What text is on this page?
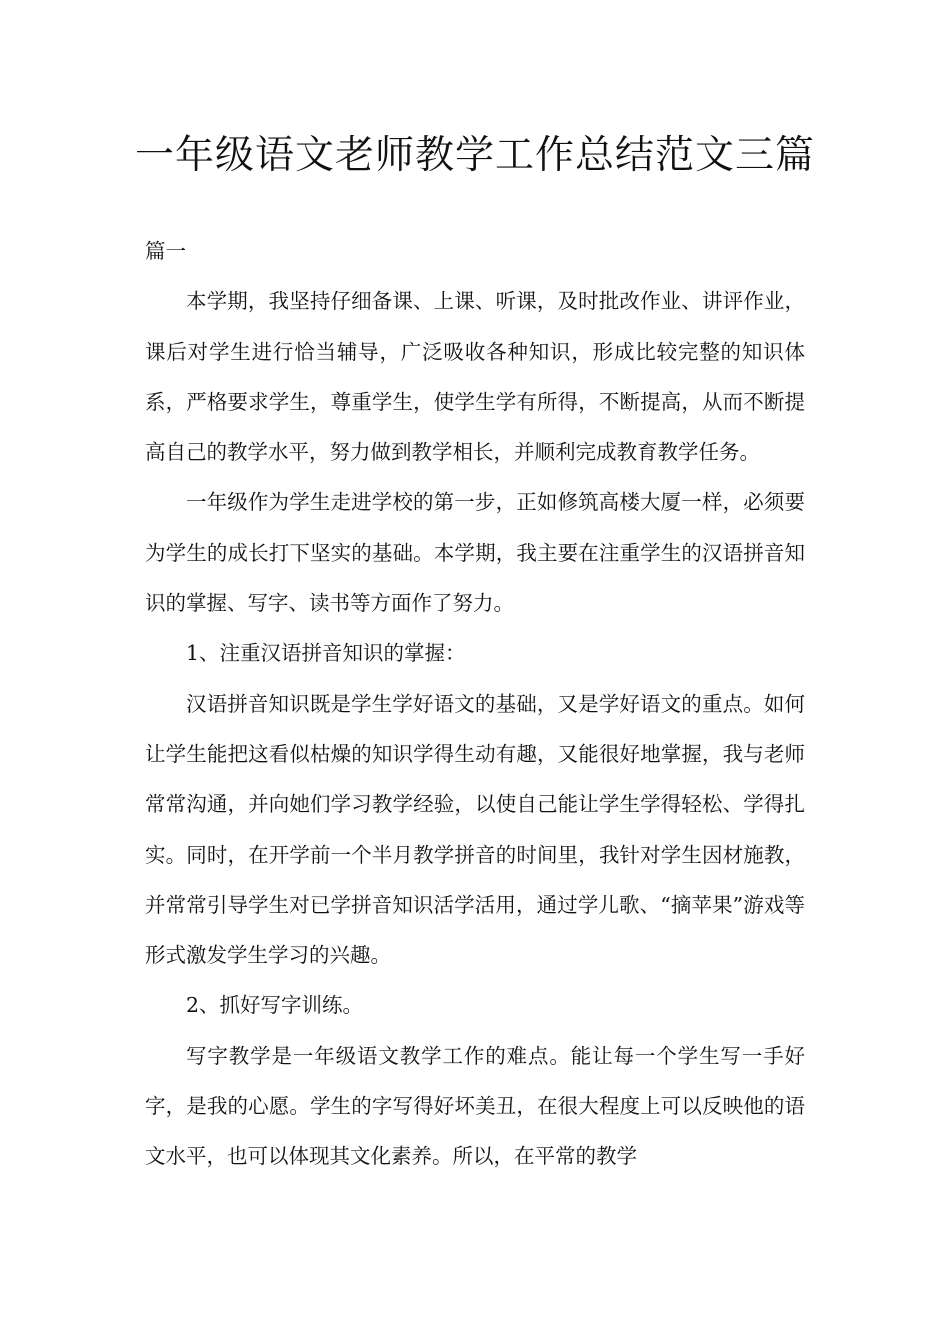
一年级语文老师教学工作总结范文三篇

篇一

本学期，我坚持仔细备课、上课、听课，及时批改作业、讲评作业，课后对学生进行恰当辅导，广泛吸收各种知识，形成比较完整的知识体系，严格要求学生，尊重学生，使学生学有所得，不断提高，从而不断提高自己的教学水平，努力做到教学相长，并顺利完成教育教学任务。

一年级作为学生走进学校的第一步，正如修筑高楼大厦一样，必须要为学生的成长打下坚实的基础。本学期，我主要在注重学生的汉语拼音知识的掌握、写字、读书等方面作了努力。

1、注重汉语拼音知识的掌握：

汉语拼音知识既是学生学好语文的基础，又是学好语文的重点。如何让学生能把这看似枯燥的知识学得生动有趣，又能很好地掌握，我与老师常常沟通，并向她们学习教学经验，以使自己能让学生学得轻松、学得扎实。同时，在开学前一个半月教学拼音的时间里，我针对学生因材施教，并常常引导学生对已学拼音知识活学活用，通过学儿歌、“摘苹果”游戏等形式激发学生学习的兴趣。

2、抓好写字训练。

写字教学是一年级语文教学工作的难点。能让每一个学生写一手好字，是我的心愿。学生的字写得好坏美丑，在很大程度上可以反映他的语文水平，也可以体现其文化素养。所以，在平常的教学
